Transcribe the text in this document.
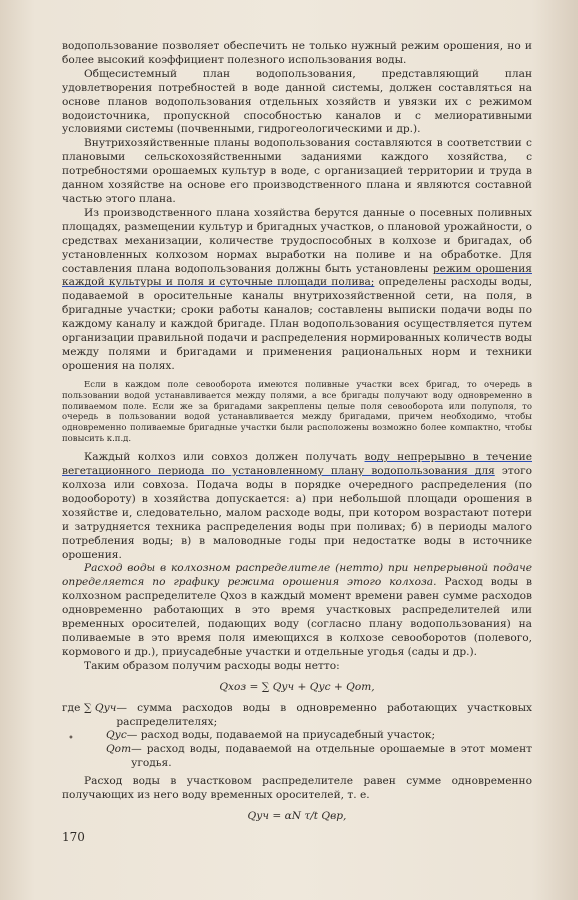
водопользование позволяет обеспечить не только нужный режим орошения, но и более высокий коэффициент полезного использования воды.

Общесистемный план водопользования, представляющий план удовлетворения потребностей в воде данной системы, должен составляться на основе планов водопользования отдельных хозяйств и увязки их с режимом водоисточника, пропускной способностью каналов и с мелиоративными условиями системы (почвенными, гидрогеологическими и др.).

Внутрихозяйственные планы водопользования составляются в соответствии с плановыми сельскохозяйственными заданиями каждого хозяйства, с потребностями орошаемых культур в воде, с организацией территории и труда в данном хозяйстве на основе его производственного плана и являются составной частью этого плана.

Из производственного плана хозяйства берутся данные о посевных поливных площадях, размещении культур и бригадных участков, о плановой урожайности, о средствах механизации, количестве трудоспособных в колхозе и бригадах, об установленных колхозом нормах выработки на поливе и на обработке. Для составления плана водопользования должны быть установлены режим орошения каждой культуры и поля и суточные площади полива; определены расходы воды, подаваемой в оросительные каналы внутрихозяйственной сети, на поля, в бригадные участки; сроки работы каналов; составлены выписки подачи воды по каждому каналу и каждой бригаде. План водопользования осуществляется путем организации правильной подачи и распределения нормированных количеств воды между полями и бригадами и применения рациональных норм и техники орошения на полях.

Если в каждом поле севооборота имеются поливные участки всех бригад, то очередь в пользовании водой устанавливается между полями, а все бригады получают воду одновременно в поливаемом поле. Если же за бригадами закреплены целые поля севооборота или полуполя, то очередь в пользовании водой устанавливается между бригадами, причем необходимо, чтобы одновременно поливаемые бригадные участки были расположены возможно более компактно, чтобы повысить к.п.д.

Каждый колхоз или совхоз должен получать воду непрерывно в течение вегетационного периода по установленному плану водопользования для этого колхоза или совхоза. Подача воды в порядке очередного распределения (по водообороту) в хозяйства допускается: а) при небольшой площади орошения в хозяйстве и, следовательно, малом расходе воды, при котором возрастают потери и затрудняется техника распределения воды при поливах; б) в периоды малого потребления воды; в) в маловодные годы при недостатке воды в источнике орошения.

Расход воды в колхозном распределителе (нетто) при непрерывной подаче определяется по графику режима орошения этого колхоза. Расход воды в колхозном распределителе Qхоз в каждый момент времени равен сумме расходов одновременно работающих в это время участковых распределителей или временных оросителей, подающих воду (согласно плану водопользования) на поливаемые в это время поля имеющихся в колхозе севооборотов (полевого, кормового и др.), приусадебные участки и отдельные угодья (сады и др.).

Таким образом получим расходы воды нетто:

Qхоз = ∑ Qуч + Qус + Qот,

где ∑ Qуч — сумма расходов воды в одновременно работающих участковых распределителях;
Qус — расход воды, подаваемой на приусадебный участок;
Qот — расход воды, подаваемой на отдельные орошаемые в этот момент угодья.

Расход воды в участковом распределителе равен сумме одновременно получающих из него воду временных оросителей, т. е.

Qуч = αN τ/t Qвр,

•
170
